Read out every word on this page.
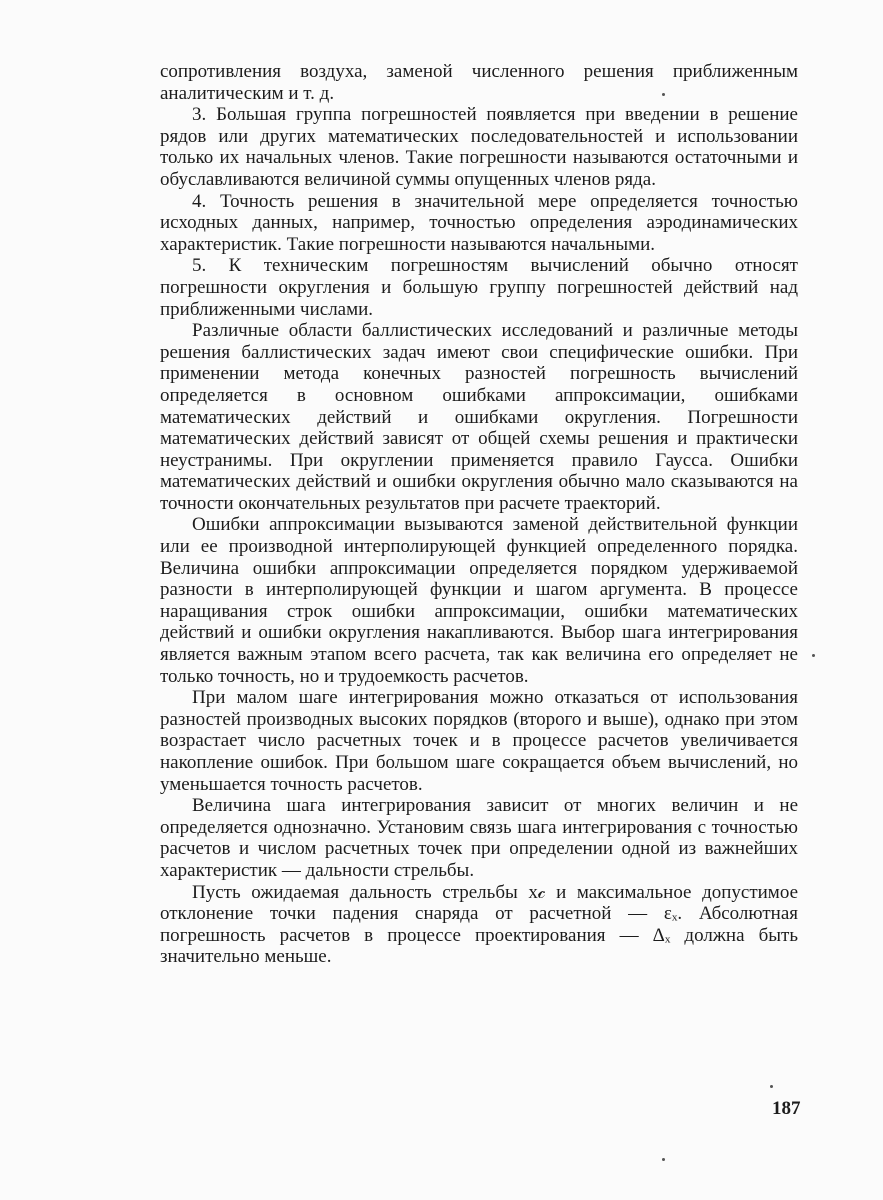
сопротивления воздуха, заменой численного решения приближенным аналитическим и т. д.

3. Большая группа погрешностей появляется при введении в решение рядов или других математических последовательностей и использовании только их начальных членов. Такие погрешности называются остаточными и обуславливаются величиной суммы опущенных членов ряда.

4. Точность решения в значительной мере определяется точностью исходных данных, например, точностью определения аэродинамических характеристик. Такие погрешности называются начальными.

5. К техническим погрешностям вычислений обычно относят погрешности округления и большую группу погрешностей действий над приближенными числами.

Различные области баллистических исследований и различные методы решения баллистических задач имеют свои специфические ошибки. При применении метода конечных разностей погрешность вычислений определяется в основном ошибками аппроксимации, ошибками математических действий и ошибками округления. Погрешности математических действий зависят от общей схемы решения и практически неустранимы. При округлении применяется правило Гаусса. Ошибки математических действий и ошибки округления обычно мало сказываются на точности окончательных результатов при расчете траекторий.

Ошибки аппроксимации вызываются заменой действительной функции или ее производной интерполирующей функцией определенного порядка. Величина ошибки аппроксимации определяется порядком удерживаемой разности в интерполирующей функции и шагом аргумента. В процессе наращивания строк ошибки аппроксимации, ошибки математических действий и ошибки округления накапливаются. Выбор шага интегрирования является важным этапом всего расчета, так как величина его определяет не только точность, но и трудоемкость расчетов.

При малом шаге интегрирования можно отказаться от использования разностей производных высоких порядков (второго и выше), однако при этом возрастает число расчетных точек и в процессе расчетов увеличивается накопление ошибок. При большом шаге сокращается объем вычислений, но уменьшается точность расчетов.

Величина шага интегрирования зависит от многих величин и не определяется однозначно. Установим связь шага интегрирования с точностью расчетов и числом расчетных точек при определении одной из важнейших характеристик — дальности стрельбы.

Пусть ожидаемая дальность стрельбы x𝒸 и максимальное допустимое отклонение точки падения снаряда от расчетной — εₓ. Абсолютная погрешность расчетов в процессе проектирования — Δₓ должна быть значительно меньше.

187
